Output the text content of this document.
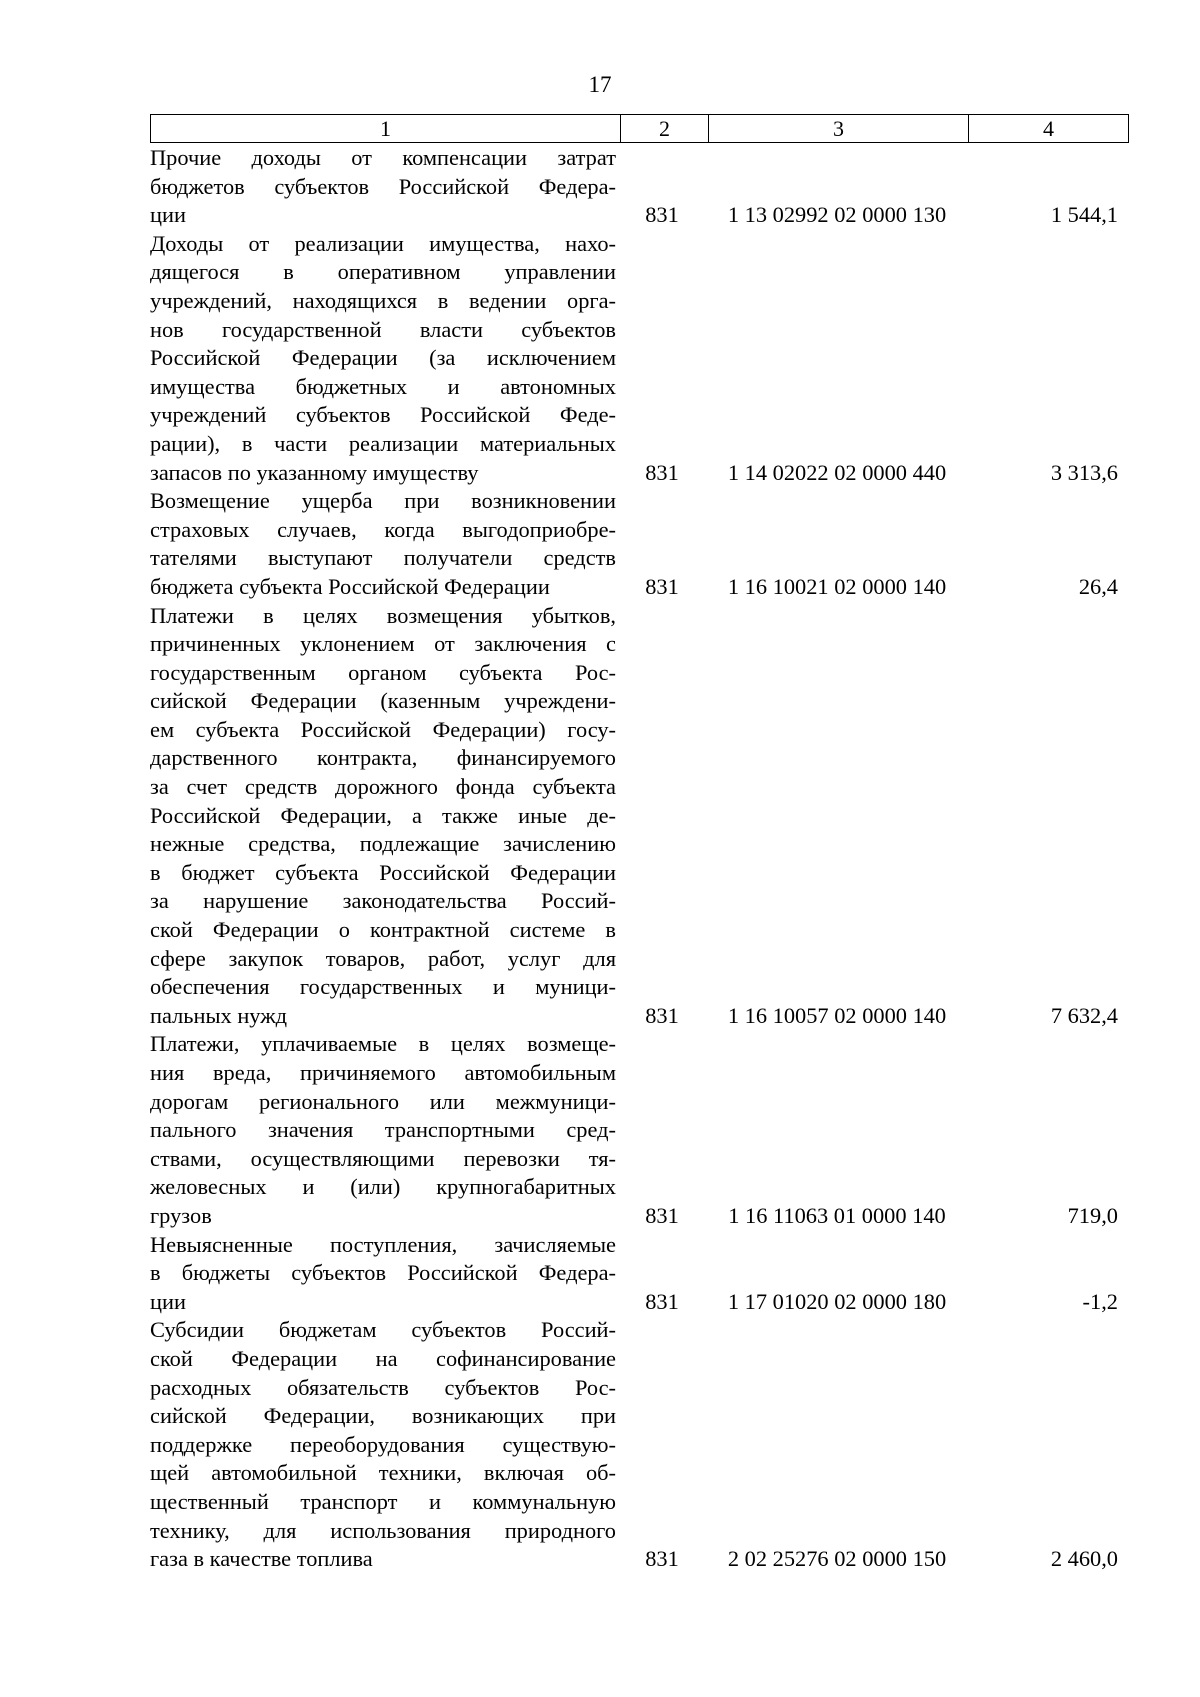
17
1	2	3	4
Прочие доходы от компенсации затрат
бюджетов субъектов Российской Федера-
ции	831	1 13 02992 02 0000 130	1 544,1
Доходы от реализации имущества, нахо-
дящегося в оперативном управлении
учреждений, находящихся в ведении орга-
нов государственной власти субъектов
Российской Федерации (за исключением
имущества бюджетных и автономных
учреждений субъектов Российской Феде-
рации), в части реализации материальных
запасов по указанному имуществу	831	1 14 02022 02 0000 440	3 313,6
Возмещение ущерба при возникновении
страховых случаев, когда выгодоприобре-
тателями выступают получатели средств
бюджета субъекта Российской Федерации	831	1 16 10021 02 0000 140	26,4
Платежи в целях возмещения убытков,
причиненных уклонением от заключения с
государственным органом субъекта Рос-
сийской Федерации (казенным учреждени-
ем субъекта Российской Федерации) госу-
дарственного контракта, финансируемого
за счет средств дорожного фонда субъекта
Российской Федерации, а также иные де-
нежные средства, подлежащие зачислению
в бюджет субъекта Российской Федерации
за нарушение законодательства Россий-
ской Федерации о контрактной системе в
сфере закупок товаров, работ, услуг для
обеспечения государственных и муници-
пальных нужд	831	1 16 10057 02 0000 140	7 632,4
Платежи, уплачиваемые в целях возмеще-
ния вреда, причиняемого автомобильным
дорогам регионального или межмуници-
пального значения транспортными сред-
ствами, осуществляющими перевозки тя-
желовесных и (или) крупногабаритных
грузов	831	1 16 11063 01 0000 140	719,0
Невыясненные поступления, зачисляемые
в бюджеты субъектов Российской Федера-
ции	831	1 17 01020 02 0000 180	-1,2
Субсидии бюджетам субъектов Россий-
ской Федерации на софинансирование
расходных обязательств субъектов Рос-
сийской Федерации, возникающих при
поддержке переоборудования существую-
щей автомобильной техники, включая об-
щественный транспорт и коммунальную
технику, для использования природного
газа в качестве топлива	831	2 02 25276 02 0000 150	2 460,0
